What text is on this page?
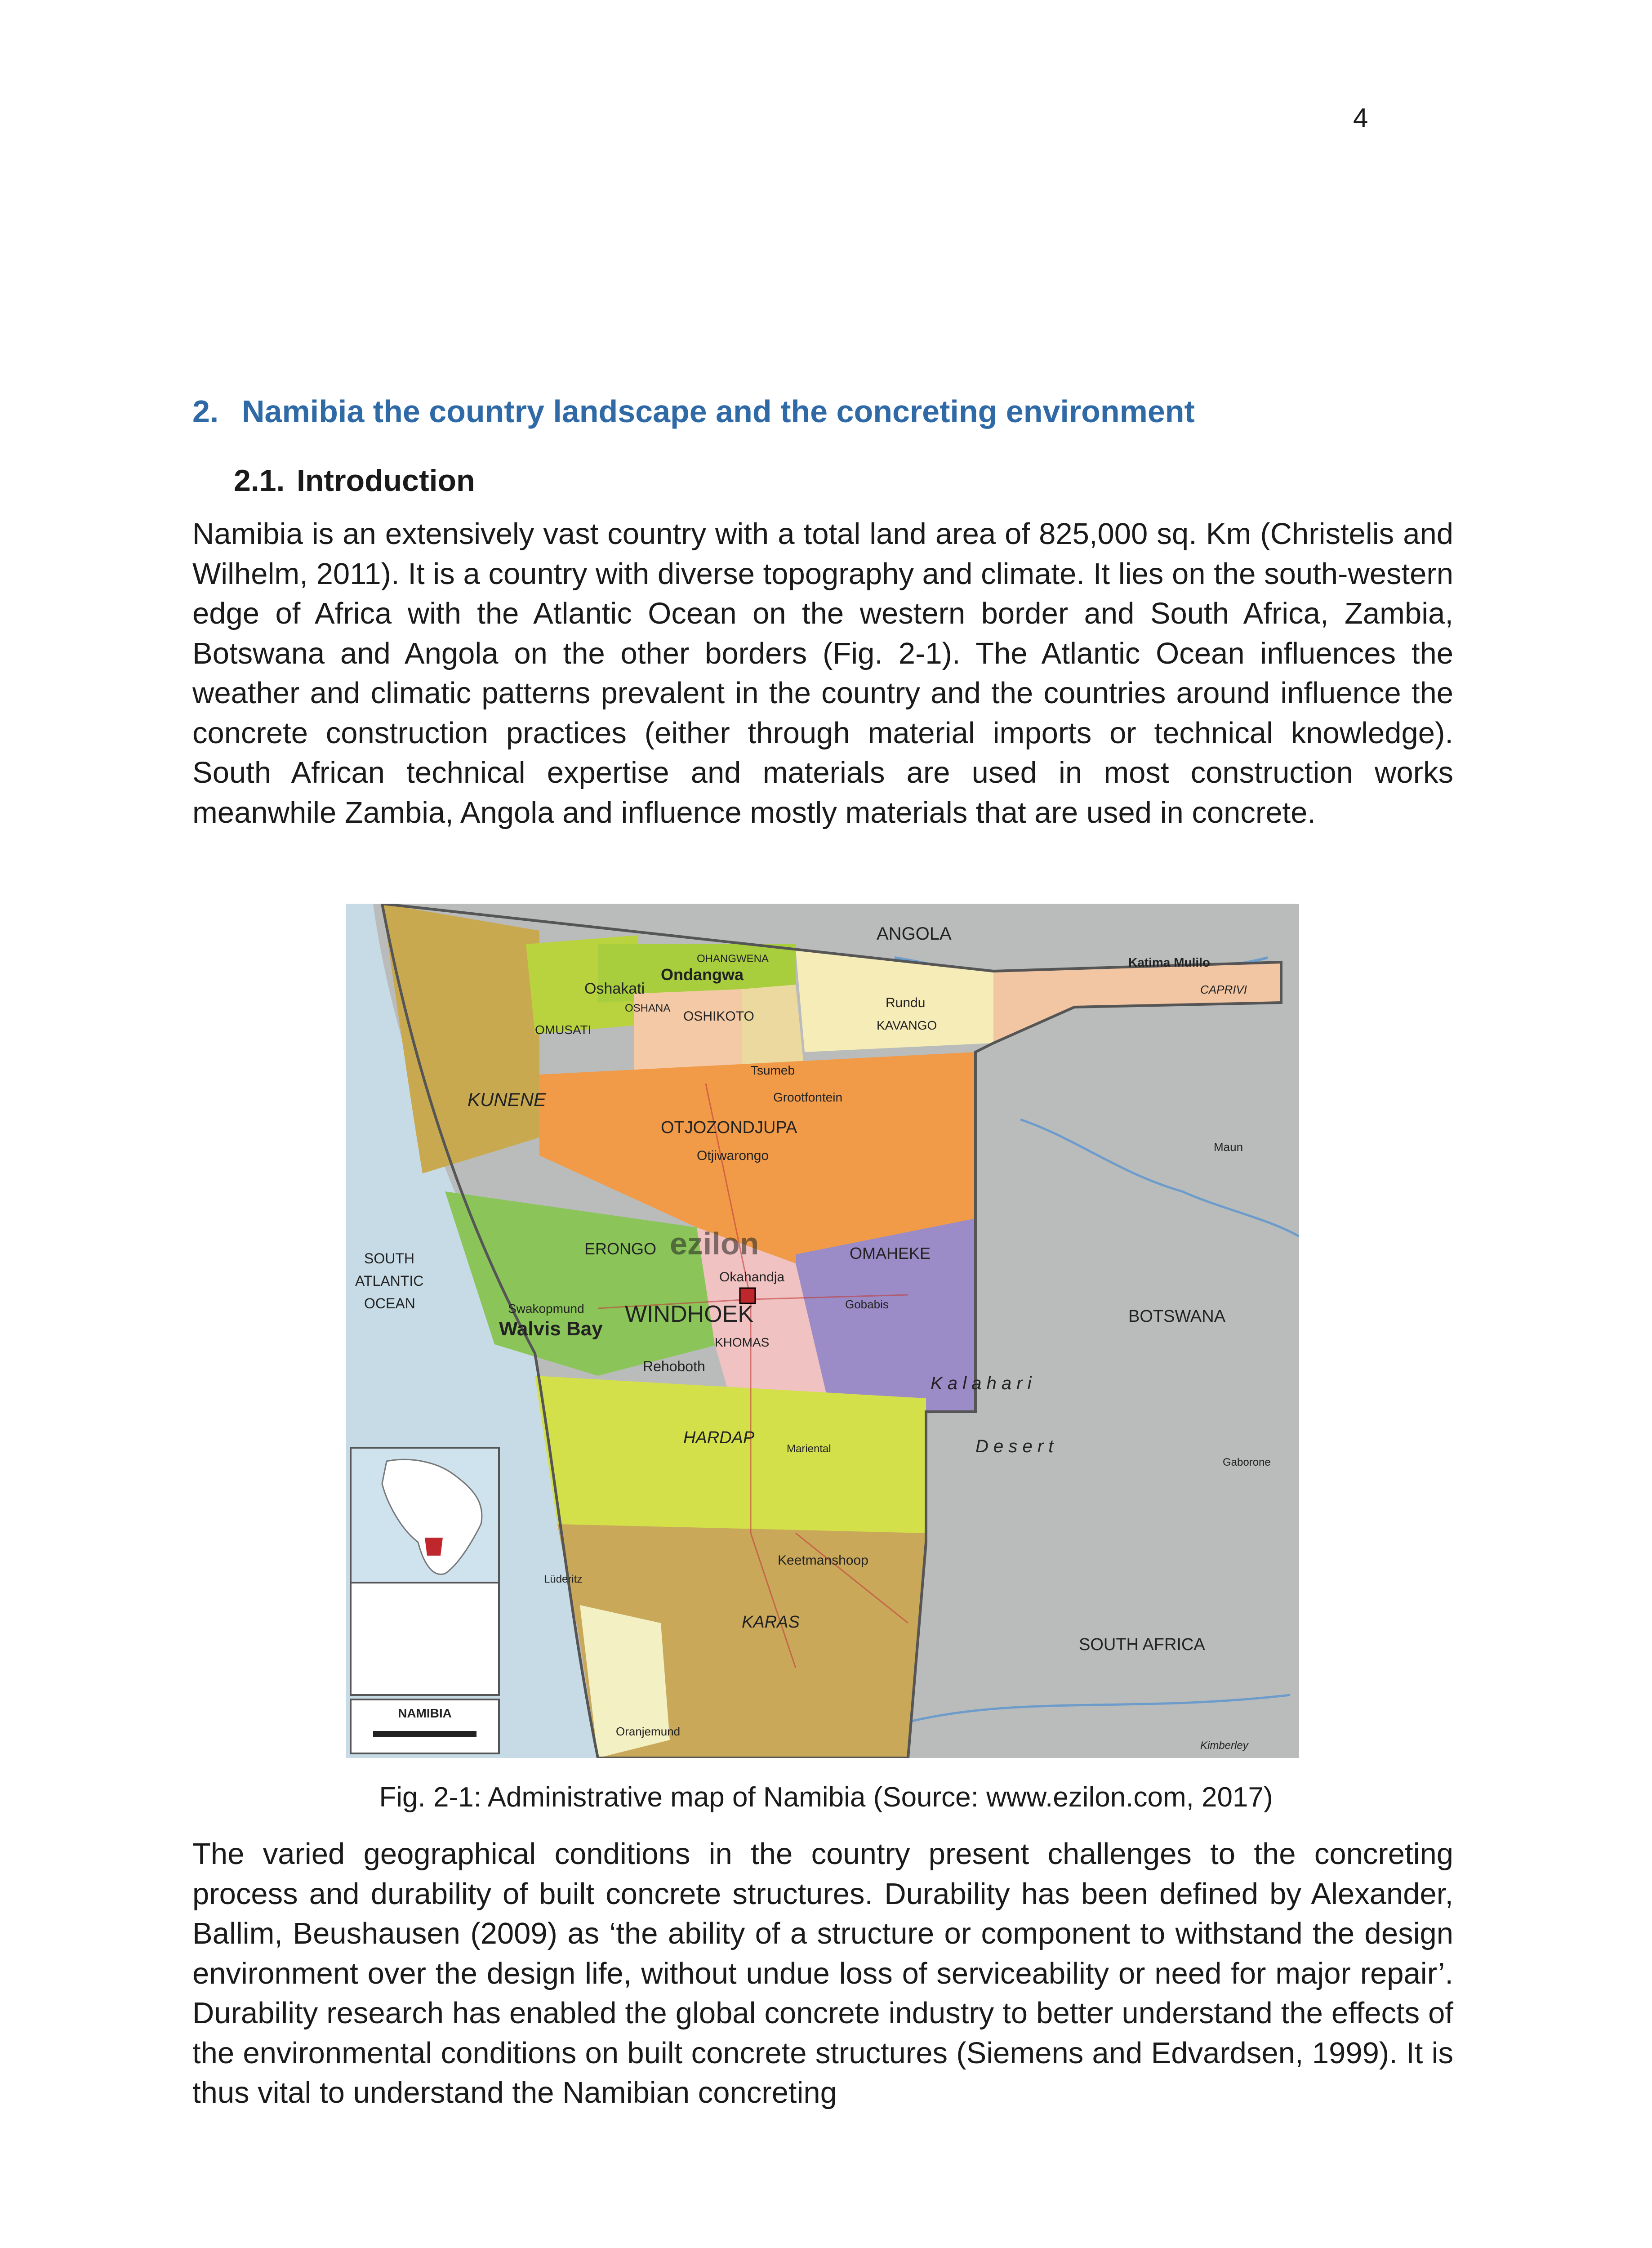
4
2. Namibia the country landscape and the concreting environment
2.1. Introduction

Namibia is an extensively vast country with a total land area of 825,000 sq. Km (Christelis and Wilhelm, 2011). It is a country with diverse topography and climate. It lies on the south-western edge of Africa with the Atlantic Ocean on the western border and South Africa, Zambia, Botswana and Angola on the other borders (Fig. 2-1). The Atlantic Ocean influences the weather and climatic patterns prevalent in the country and the countries around influence the concrete construction practices (either through material imports or technical knowledge). South African technical expertise and materials are used in most construction works meanwhile Zambia, Angola and influence mostly materials that are used in concrete.

NAMIBIA
ANGOLA
BOTSWANA
SOUTH AFRICA
SOUTH
ATLANTIC
OCEAN	WINDHOEK
K a l a h a r i
D e s e r t
KUNENE
OSHIKOTO
OTJOZONDJUPA
OMAHEKE
ERONGO
KHOMAS
HARDAP
KARAS
KAVANGO
CAPRIVI
OMUSATI
OSHANA
OHANGWENA
Walvis Bay
Swakopmund
Rehoboth
Keetmanshoop
Oshakati
Ondangwa
Rundu
Tsumeb
Grootfontein
Otjiwarongo
Okahandja
Gobabis
Mariental
Lüderitz
Oranjemund
Gaborone
Kimberley
Maun
Katima Mulilo
ezilon
Fig. 2-1: Administrative map of Namibia (Source: www.ezilon.com, 2017)

The varied geographical conditions in the country present challenges to the concreting process and durability of built concrete structures. Durability has been defined by Alexander, Ballim, Beushausen (2009) as ‘the ability of a structure or component to withstand the design environment over the design life, without undue loss of serviceability or need for major repair’. Durability research has enabled the global concrete industry to better understand the effects of the environmental conditions on built concrete structures (Siemens and Edvardsen, 1999). It is thus vital to understand the Namibian concreting
